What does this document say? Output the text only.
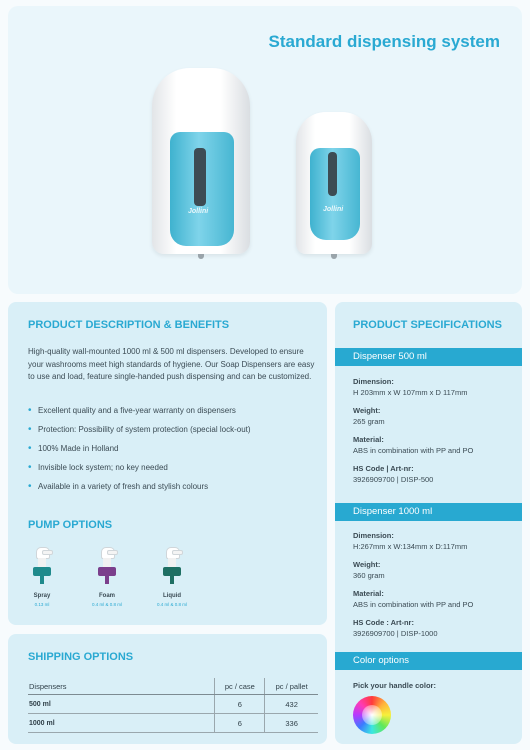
Standard dispensing system
Jollini	Jollini
PRODUCT DESCRIPTION & BENEFITS
High-quality wall-mounted 1000 ml & 500 ml dispensers. Developed to ensure your washrooms meet high standards of hygiene. Our Soap Dispensers are easy to use and load, feature single-handed push dispensing and can be customized.
• Excellent quality and a five-year warranty on dispensers
• Protection: Possibility of system protection (special lock-out)
• 100% Made in Holland
• Invisible lock system; no key needed
• Available in a variety of fresh and stylish colours
PUMP OPTIONS
Spray
0.13 ml
Foam
0.4 ml & 0.8 ml
Liquid
0.4 ml & 0.8 ml
SHIPPING OPTIONS
Dispensers	pc / case	pc / pallet
500 ml	6	432
1000 ml	6	336
PRODUCT SPECIFICATIONS
Dispenser 500 ml
Dimension:
H 203mm x W 107mm x D 117mm
Weight:
265 gram
Material:
ABS in combination with PP and PO
HS Code | Art-nr:
3926909700 | DISP-500
Dispenser 1000 ml
Dimension:
H:267mm x W:134mm x D:117mm
Weight:
360 gram
Material:
ABS in combination with PP and PO
HS Code : Art-nr:
3926909700 | DISP-1000
Color options
Pick your handle color:
